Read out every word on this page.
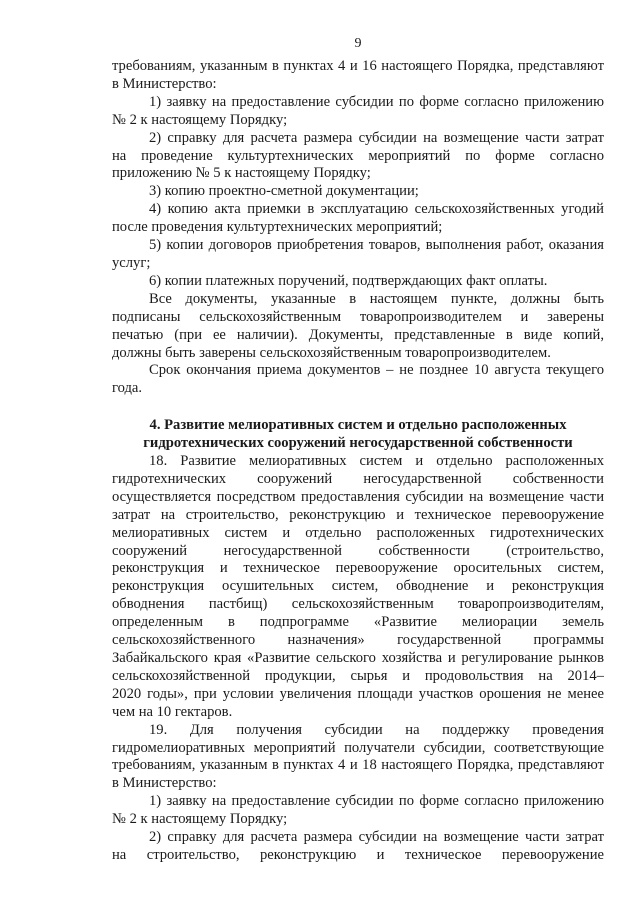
9
требованиям, указанным в пунктах 4 и 16 настоящего Порядка, представляют
в Министерство:
1) заявку на предоставление субсидии по форме согласно приложению
№ 2 к настоящему Порядку;
2) справку для расчета размера субсидии на возмещение части затрат
на проведение культуртехнических мероприятий по форме согласно
приложению № 5 к настоящему Порядку;
3) копию проектно-сметной документации;
4) копию акта приемки в эксплуатацию сельскохозяйственных угодий
после проведения культуртехнических мероприятий;
5) копии договоров приобретения товаров, выполнения работ, оказания
услуг;
6) копии платежных поручений, подтверждающих факт оплаты.
Все документы, указанные в настоящем пункте, должны быть
подписаны сельскохозяйственным товаропроизводителем и заверены
печатью (при ее наличии). Документы, представленные в виде копий,
должны быть заверены сельскохозяйственным товаропроизводителем.
Срок окончания приема документов – не позднее 10 августа текущего
года.
4. Развитие мелиоративных систем и отдельно расположенных
гидротехнических сооружений негосударственной собственности
18. Развитие мелиоративных систем и отдельно расположенных
гидротехнических сооружений негосударственной собственности
осуществляется посредством предоставления субсидии на возмещение части
затрат на строительство, реконструкцию и техническое перевооружение
мелиоративных систем и отдельно расположенных гидротехнических
сооружений негосударственной собственности (строительство,
реконструкция и техническое перевооружение оросительных систем,
реконструкция осушительных систем, обводнение и реконструкция
обводнения пастбищ) сельскохозяйственным товаропроизводителям,
определенным в подпрограмме «Развитие мелиорации земель
сельскохозяйственного назначения» государственной программы
Забайкальского края «Развитие сельского хозяйства и регулирование рынков
сельскохозяйственной продукции, сырья и продовольствия на 2014–
2020 годы», при условии увеличения площади участков орошения не менее
чем на 10 гектаров.
19. Для получения субсидии на поддержку проведения
гидромелиоративных мероприятий получатели субсидии, соответствующие
требованиям, указанным в пунктах 4 и 18 настоящего Порядка, представляют
в Министерство:
1) заявку на предоставление субсидии по форме согласно приложению
№ 2 к настоящему Порядку;
2) справку для расчета размера субсидии на возмещение части затрат
на строительство, реконструкцию и техническое перевооружение
